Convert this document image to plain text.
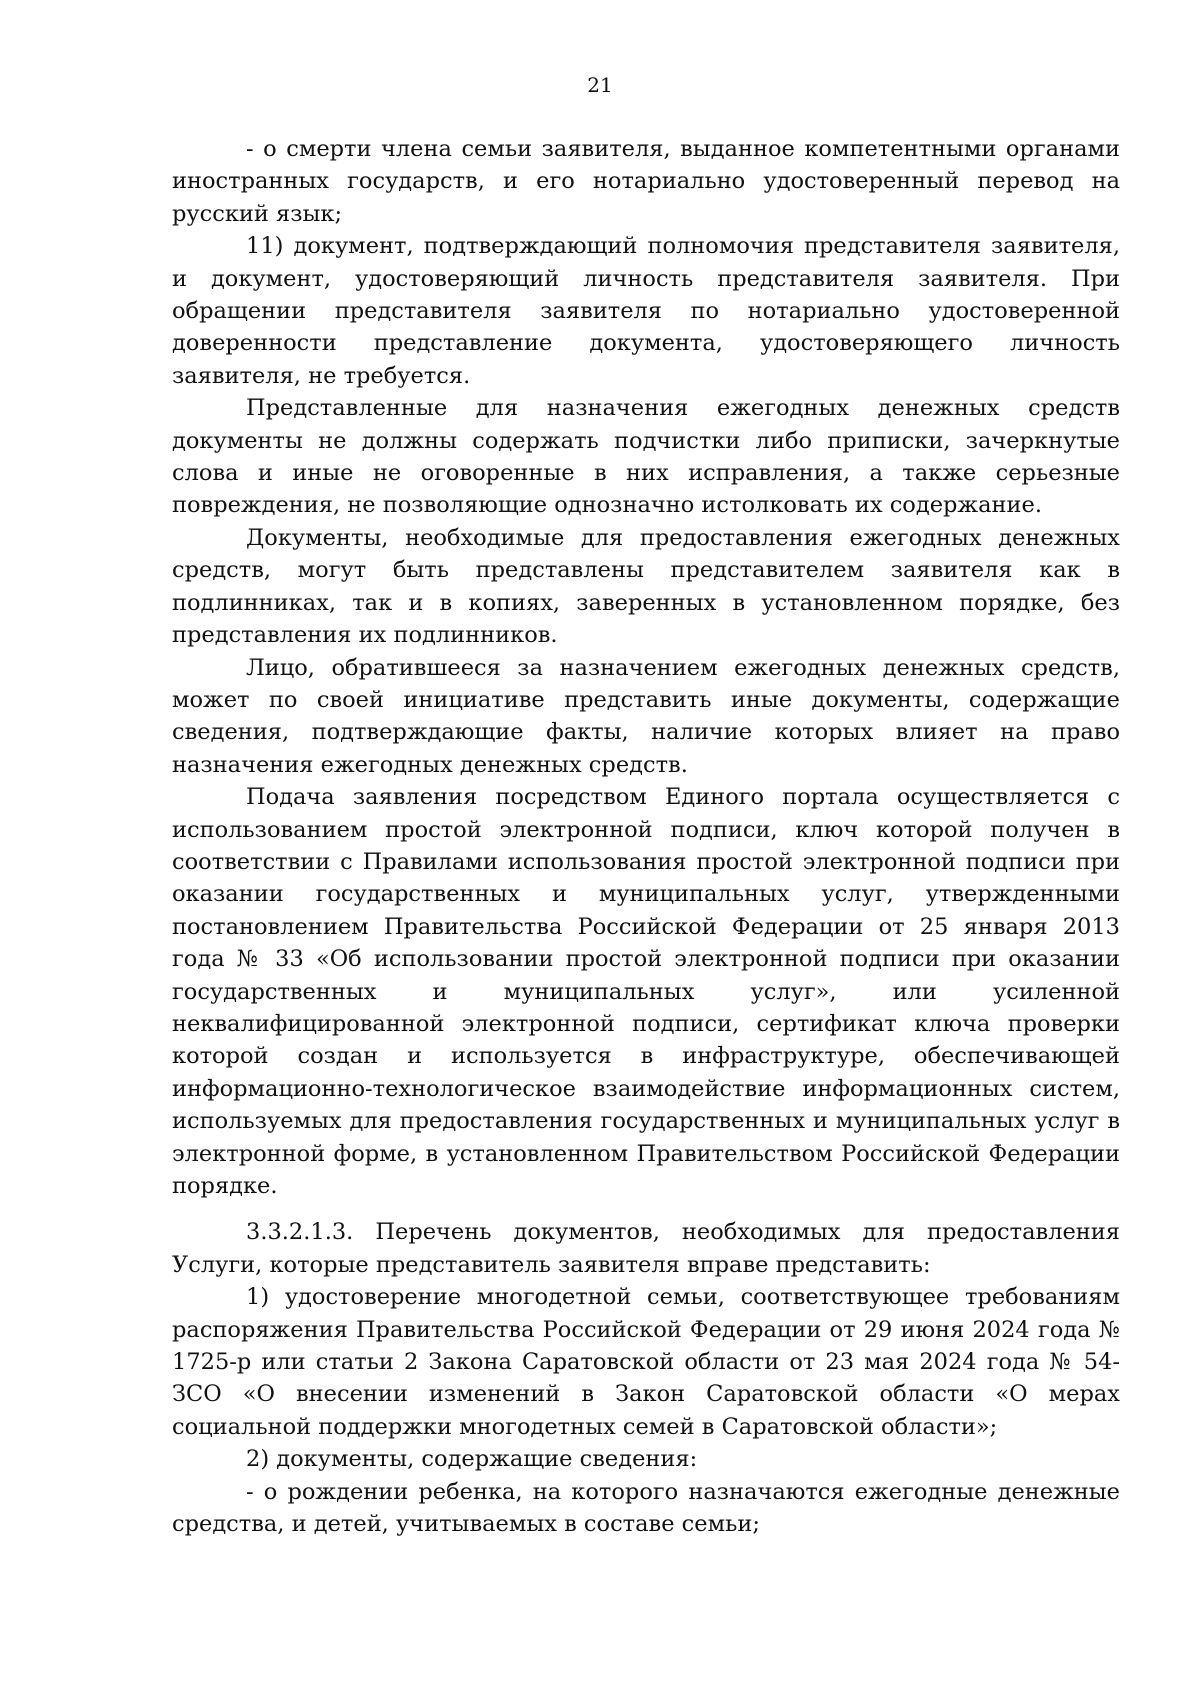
21

- о смерти члена семьи заявителя, выданное компетентными органами иностранных государств, и его нотариально удостоверенный перевод на русский язык;

11) документ, подтверждающий полномочия представителя заявителя, и документ, удостоверяющий личность представителя заявителя. При обращении представителя заявителя по нотариально удостоверенной доверенности представление документа, удостоверяющего личность заявителя, не требуется.

Представленные для назначения ежегодных денежных средств документы не должны содержать подчистки либо приписки, зачеркнутые слова и иные не оговоренные в них исправления, а также серьезные повреждения, не позволяющие однозначно истолковать их содержание.

Документы, необходимые для предоставления ежегодных денежных средств, могут быть представлены представителем заявителя как в подлинниках, так и в копиях, заверенных в установленном порядке, без представления их подлинников.

Лицо, обратившееся за назначением ежегодных денежных средств, может по своей инициативе представить иные документы, содержащие сведения, подтверждающие факты, наличие которых влияет на право назначения ежегодных денежных средств.

Подача заявления посредством Единого портала осуществляется с использованием простой электронной подписи, ключ которой получен в соответствии с Правилами использования простой электронной подписи при оказании государственных и муниципальных услуг, утвержденными постановлением Правительства Российской Федерации от 25 января 2013 года № 33 «Об использовании простой электронной подписи при оказании государственных и муниципальных услуг», или усиленной неквалифицированной электронной подписи, сертификат ключа проверки которой создан и используется в инфраструктуре, обеспечивающей информационно-технологическое взаимодействие информационных систем, используемых для предоставления государственных и муниципальных услуг в электронной форме, в установленном Правительством Российской Федерации порядке.

3.3.2.1.3. Перечень документов, необходимых для предоставления Услуги, которые представитель заявителя вправе представить:

1) удостоверение многодетной семьи, соответствующее требованиям распоряжения Правительства Российской Федерации от 29 июня 2024 года № 1725-р или статьи 2 Закона Саратовской области от 23 мая 2024 года № 54-ЗСО «О внесении изменений в Закон Саратовской области «О мерах социальной поддержки многодетных семей в Саратовской области»;

2) документы, содержащие сведения:

- о рождении ребенка, на которого назначаются ежегодные денежные средства, и детей, учитываемых в составе семьи;
